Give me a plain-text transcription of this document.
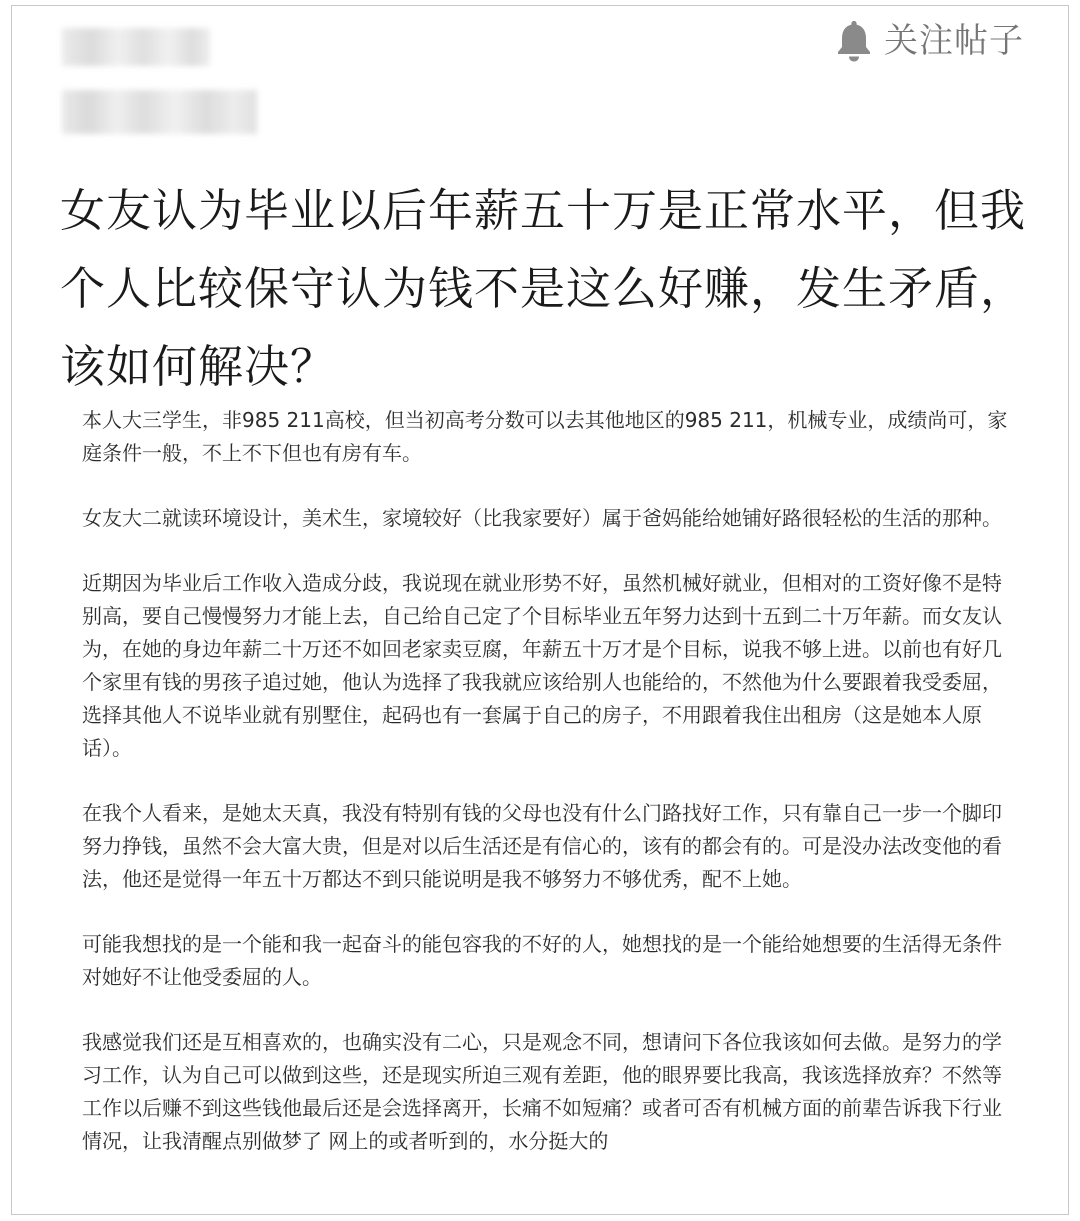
关注帖子
女友认为毕业以后年薪五十万是正常水平，但我个人比较保守认为钱不是这么好赚，发生矛盾，该如何解决？

本人大三学生，非985 211高校，但当初高考分数可以去其他地区的985 211，机械专业，成绩尚可，家庭条件一般，不上不下但也有房有车。

女友大二就读环境设计，美术生，家境较好（比我家要好）属于爸妈能给她铺好路很轻松的生活的那种。

近期因为毕业后工作收入造成分歧，我说现在就业形势不好，虽然机械好就业，但相对的工资好像不是特别高，要自己慢慢努力才能上去，自己给自己定了个目标毕业五年努力达到十五到二十万年薪。而女友认为，在她的身边年薪二十万还不如回老家卖豆腐，年薪五十万才是个目标，说我不够上进。以前也有好几个家里有钱的男孩子追过她，他认为选择了我我就应该给别人也能给的，不然他为什么要跟着我受委屈，选择其他人不说毕业就有别墅住，起码也有一套属于自己的房子，不用跟着我住出租房（这是她本人原话）。

在我个人看来，是她太天真，我没有特别有钱的父母也没有什么门路找好工作，只有靠自己一步一个脚印努力挣钱，虽然不会大富大贵，但是对以后生活还是有信心的，该有的都会有的。可是没办法改变他的看法，他还是觉得一年五十万都达不到只能说明是我不够努力不够优秀，配不上她。

可能我想找的是一个能和我一起奋斗的能包容我的不好的人，她想找的是一个能给她想要的生活得无条件对她好不让他受委屈的人。

我感觉我们还是互相喜欢的，也确实没有二心，只是观念不同，想请问下各位我该如何去做。是努力的学习工作，认为自己可以做到这些，还是现实所迫三观有差距，他的眼界要比我高，我该选择放弃？不然等工作以后赚不到这些钱他最后还是会选择离开，长痛不如短痛？或者可否有机械方面的前辈告诉我下行业情况，让我清醒点别做梦了 网上的或者听到的，水分挺大的
